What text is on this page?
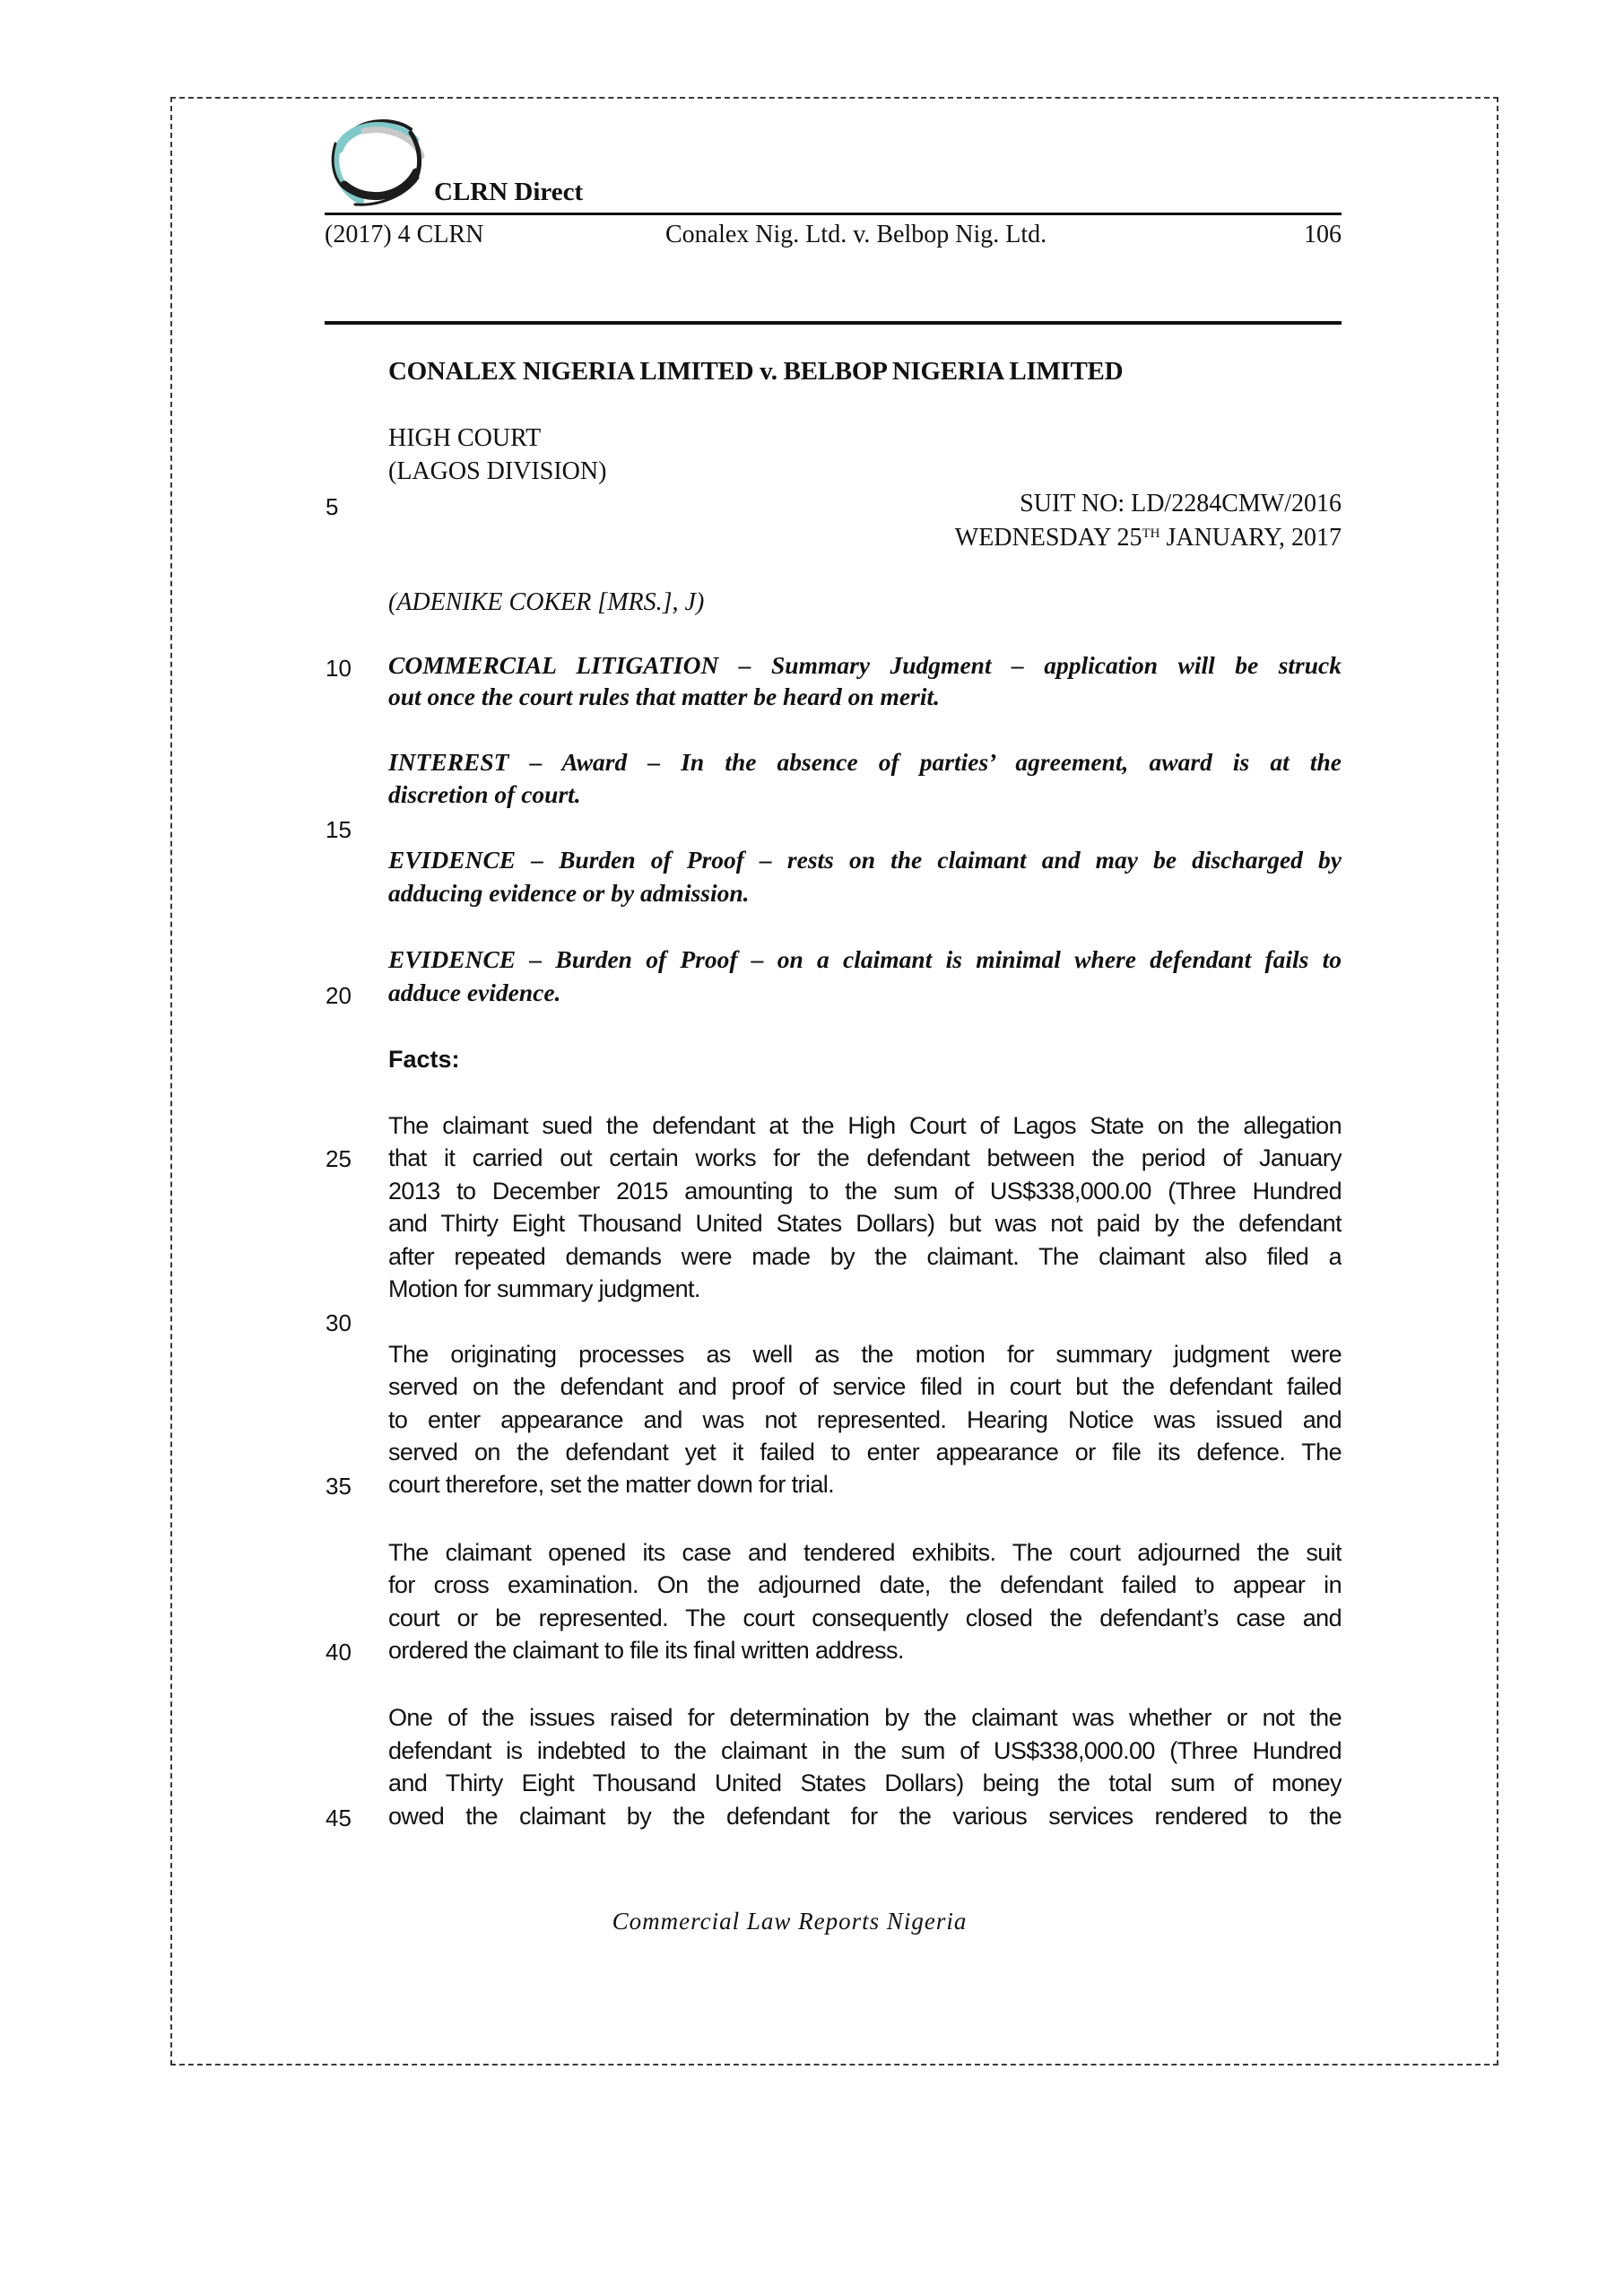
CLRN Direct
(2017) 4 CLRN	Conalex Nig. Ltd. v. Belbop Nig. Ltd.	106
CONALEX NIGERIA LIMITED v. BELBOP NIGERIA LIMITED
HIGH COURT
(LAGOS DIVISION)
SUIT NO: LD/2284CMW/2016
WEDNESDAY 25TH JANUARY, 2017
(ADENIKE COKER [MRS.], J)
5
10
15
20
25
30
35
40
45
COMMERCIAL LITIGATION – Summary Judgment – application will be struck
out once the court rules that matter be heard on merit.
INTEREST – Award – In the absence of parties’ agreement, award is at the
discretion of court.
EVIDENCE – Burden of Proof – rests on the claimant and may be discharged by
adducing evidence or by admission.
EVIDENCE – Burden of Proof – on a claimant is minimal where defendant fails to
adduce evidence.
Facts:
The claimant sued the defendant at the High Court of Lagos State on the allegation
that it carried out certain works for the defendant between the period of January
2013 to December 2015 amounting to the sum of US$338,000.00 (Three Hundred
and Thirty Eight Thousand United States Dollars) but was not paid by the defendant
after repeated demands were made by the claimant. The claimant also filed a
Motion for summary judgment.
The originating processes as well as the motion for summary judgment were
served on the defendant and proof of service filed in court but the defendant failed
to enter appearance and was not represented. Hearing Notice was issued and
served on the defendant yet it failed to enter appearance or file its defence. The
court therefore, set the matter down for trial.
The claimant opened its case and tendered exhibits. The court adjourned the suit
for cross examination. On the adjourned date, the defendant failed to appear in
court or be represented. The court consequently closed the defendant’s case and
ordered the claimant to file its final written address.
One of the issues raised for determination by the claimant was whether or not the
defendant is indebted to the claimant in the sum of US$338,000.00 (Three Hundred
and Thirty Eight Thousand United States Dollars) being the total sum of money
owed the claimant by the defendant for the various services rendered to the
Commercial Law Reports Nigeria
